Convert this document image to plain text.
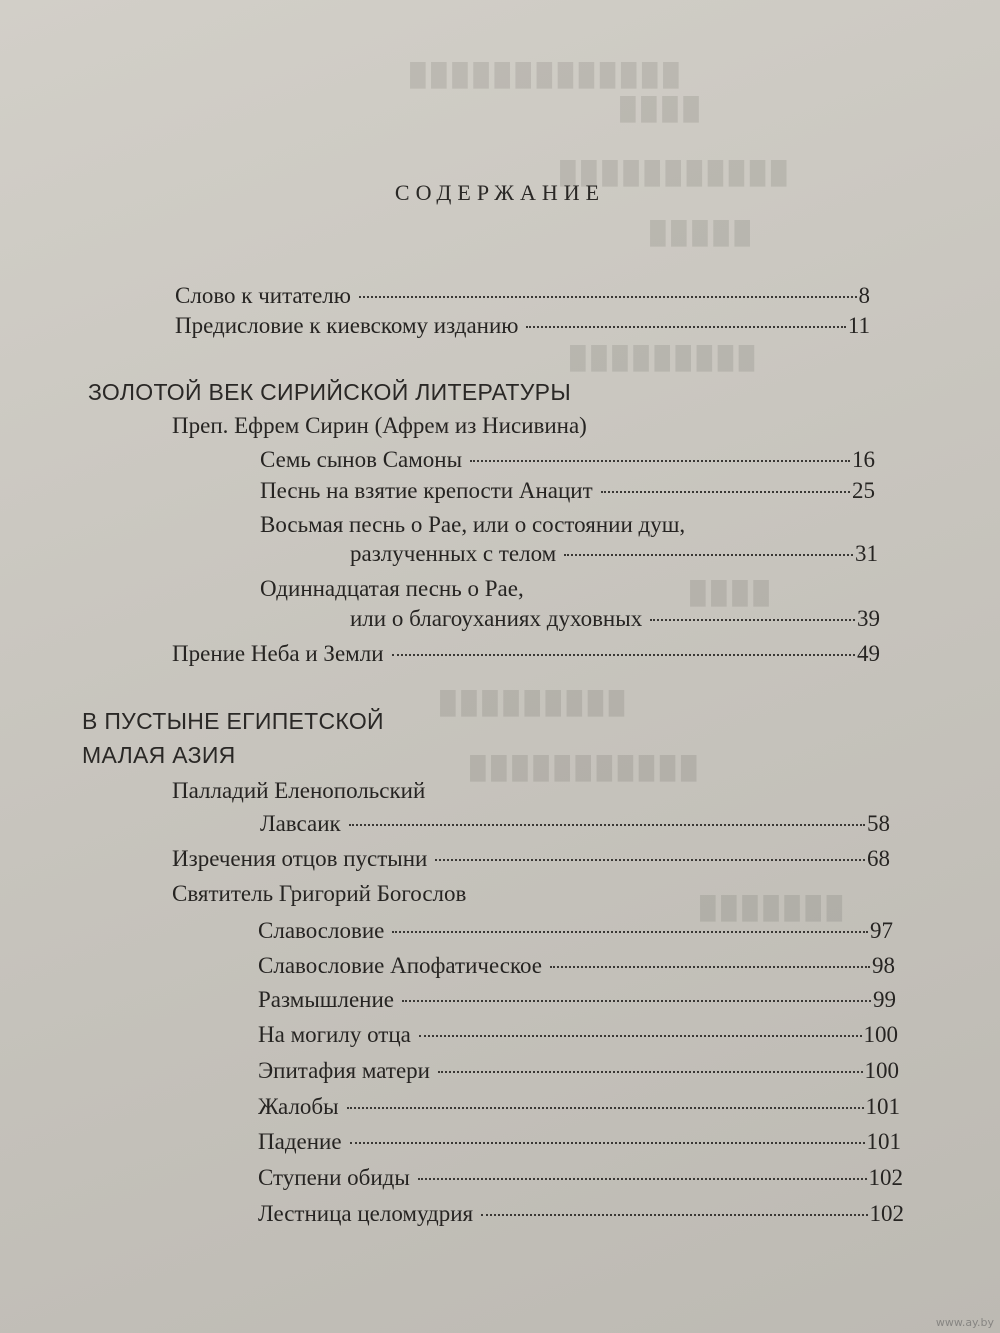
█ █ █ █ █ █ █ █ █ █ █ █ █
█ █ █ █
█ █ █ █ █ █ █ █ █ █ █
█ █ █ █ █
█ █ █ █ █ █ █ █ █
█ █ █ █
█ █ █ █ █ █ █ █ █
█ █ █ █ █ █ █ █ █ █ █
█ █ █ █ █ █ █
СОДЕРЖАНИЕ
Слово к читателю	8
Предисловие к киевскому изданию	11
ЗОЛОТОЙ ВЕК СИРИЙСКОЙ ЛИТЕРАТУРЫ
Преп. Ефрем Сирин (Афрем из Нисивина)
Семь сынов Самоны	16
Песнь на взятие крепости Анацит	25
Восьмая песнь о Рае, или о состоянии душ,
разлученных с телом	31
Одиннадцатая песнь о Рае,
или о благоуханиях духовных	39
Прение Неба и Земли	49
В ПУСТЫНЕ ЕГИПЕТСКОЙ
МАЛАЯ АЗИЯ
Палладий Еленопольский
Лавсаик	58
Изречения отцов пустыни	68
Святитель Григорий Богослов
Славословие	97
Славословие Апофатическое	98
Размышление	99
На могилу отца	100
Эпитафия матери	100
Жалобы	101
Падение	101
Ступени обиды	102
Лестница целомудрия	102
www.ay.by
